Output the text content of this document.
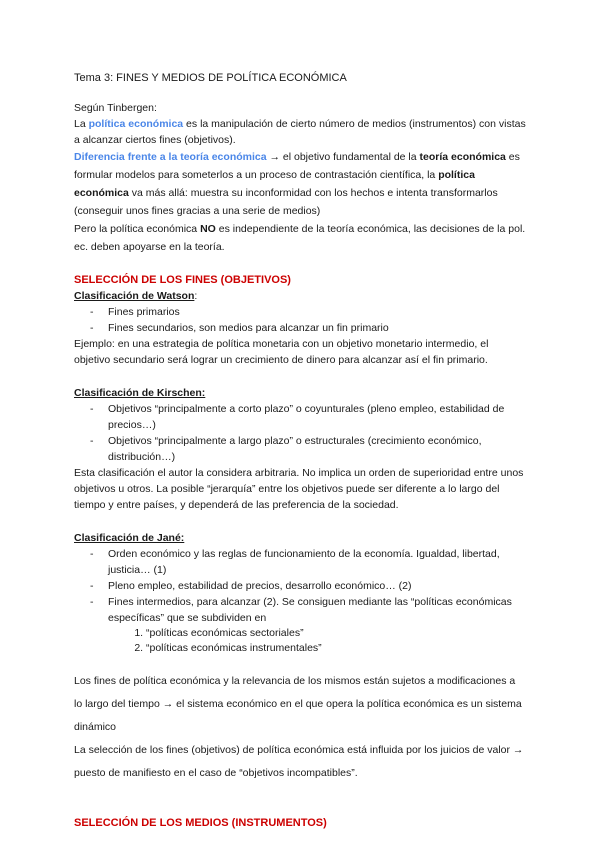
Tema 3: FINES Y MEDIOS DE POLÍTICA ECONÓMICA

Según Tinbergen:

La política económica es la manipulación de cierto número de medios (instrumentos) con vistas a alcanzar ciertos fines (objetivos).

Diferencia frente a la teoría económica → el objetivo fundamental de la teoría económica es formular modelos para someterlos a un proceso de contrastación científica, la política económica va más allá: muestra su inconformidad con los hechos e intenta transformarlos (conseguir unos fines gracias a una serie de medios)

Pero la política económica NO es independiente de la teoría económica, las decisiones de la pol. ec. deben apoyarse en la teoría.

SELECCIÓN DE LOS FINES (OBJETIVOS)

Clasificación de Watson:

- Fines primarios
- Fines secundarios, son medios para alcanzar un fin primario

Ejemplo: en una estrategia de política monetaria con un objetivo monetario intermedio, el objetivo secundario será lograr un crecimiento de dinero para alcanzar así el fin primario.

Clasificación de Kirschen:

- Objetivos “principalmente a corto plazo” o coyunturales (pleno empleo, estabilidad de precios…)
- Objetivos “principalmente a largo plazo” o estructurales (crecimiento económico, distribución…)

Esta clasificación el autor la considera arbitraria. No implica un orden de superioridad entre unos objetivos u otros. La posible “jerarquía” entre los objetivos puede ser diferente a lo largo del tiempo y entre países, y dependerá de las preferencia de la sociedad.

Clasificación de Jané:

- Orden económico y las reglas de funcionamiento de la economía. Igualdad, libertad, justicia… (1)
- Pleno empleo, estabilidad de precios, desarrollo económico… (2)
- Fines intermedios, para alcanzar (2). Se consiguen mediante las “políticas económicas específicas” que se subdividen en
1. “políticas económicas sectoriales”
2. “políticas económicas instrumentales”

Los fines de política económica y la relevancia de los mismos están sujetos a modificaciones a lo largo del tiempo → el sistema económico en el que opera la política económica es un sistema dinámico

La selección de los fines (objetivos) de política económica está influida por los juicios de valor → puesto de manifiesto en el caso de “objetivos incompatibles”.

SELECCIÓN DE LOS MEDIOS (INSTRUMENTOS)
